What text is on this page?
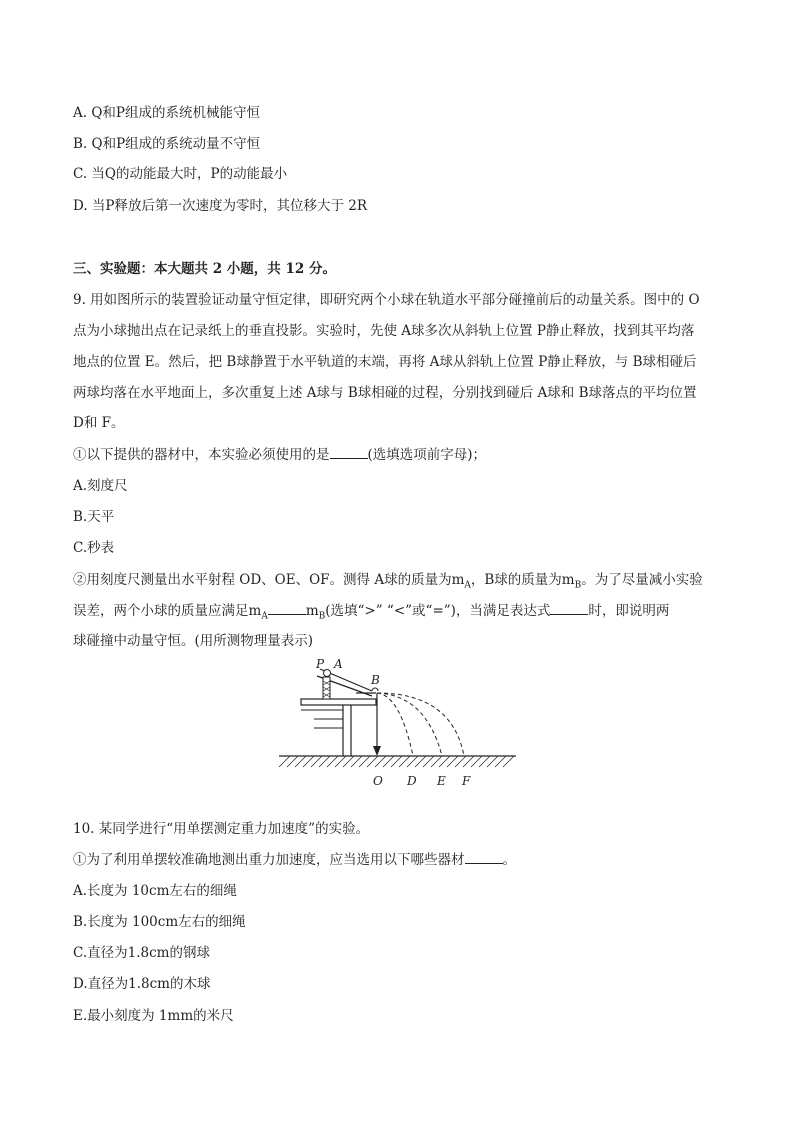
A. Q和P组成的系统机械能守恒
B. Q和P组成的系统动量不守恒
C. 当Q的动能最大时，P的动能最小
D. 当P释放后第一次速度为零时，其位移大于 2R
三、实验题：本大题共 2 小题，共 12 分。
9. 用如图所示的装置验证动量守恒定律，即研究两个小球在轨道水平部分碰撞前后的动量关系。图中的 O
点为小球抛出点在记录纸上的垂直投影。实验时，先使 A球多次从斜轨上位置 P静止释放，找到其平均落
地点的位置 E。然后，把 B球静置于水平轨道的末端，再将 A球从斜轨上位置 P静止释放，与 B球相碰后
两球均落在水平地面上，多次重复上述 A球与 B球相碰的过程，分别找到碰后 A球和 B球落点的平均位置
D和 F。
①以下提供的器材中，本实验必须使用的是	(选填选项前字母)；
A.刻度尺
B.天平
C.秒表
②用刻度尺测量出水平射程 OD、OE、OF。测得 A球的质量为$m_A$，B球的质量为$m_B$。为了尽量减小实验
误差，两个小球的质量应满足$m_A$	$m_B$(选填“>” “<”或“=”)，当满足表达式	时，即说明两
球碰撞中动量守恒。(用所测物理量表示)
P A
B
O D E F
10. 某同学进行“用单摆测定重力加速度”的实验。
①为了利用单摆较准确地测出重力加速度，应当选用以下哪些器材	。
A.长度为 10cm左右的细绳
B.长度为 100cm左右的细绳
C.直径为1.8cm的钢球
D.直径为1.8cm的木球
E.最小刻度为 1mm的米尺
